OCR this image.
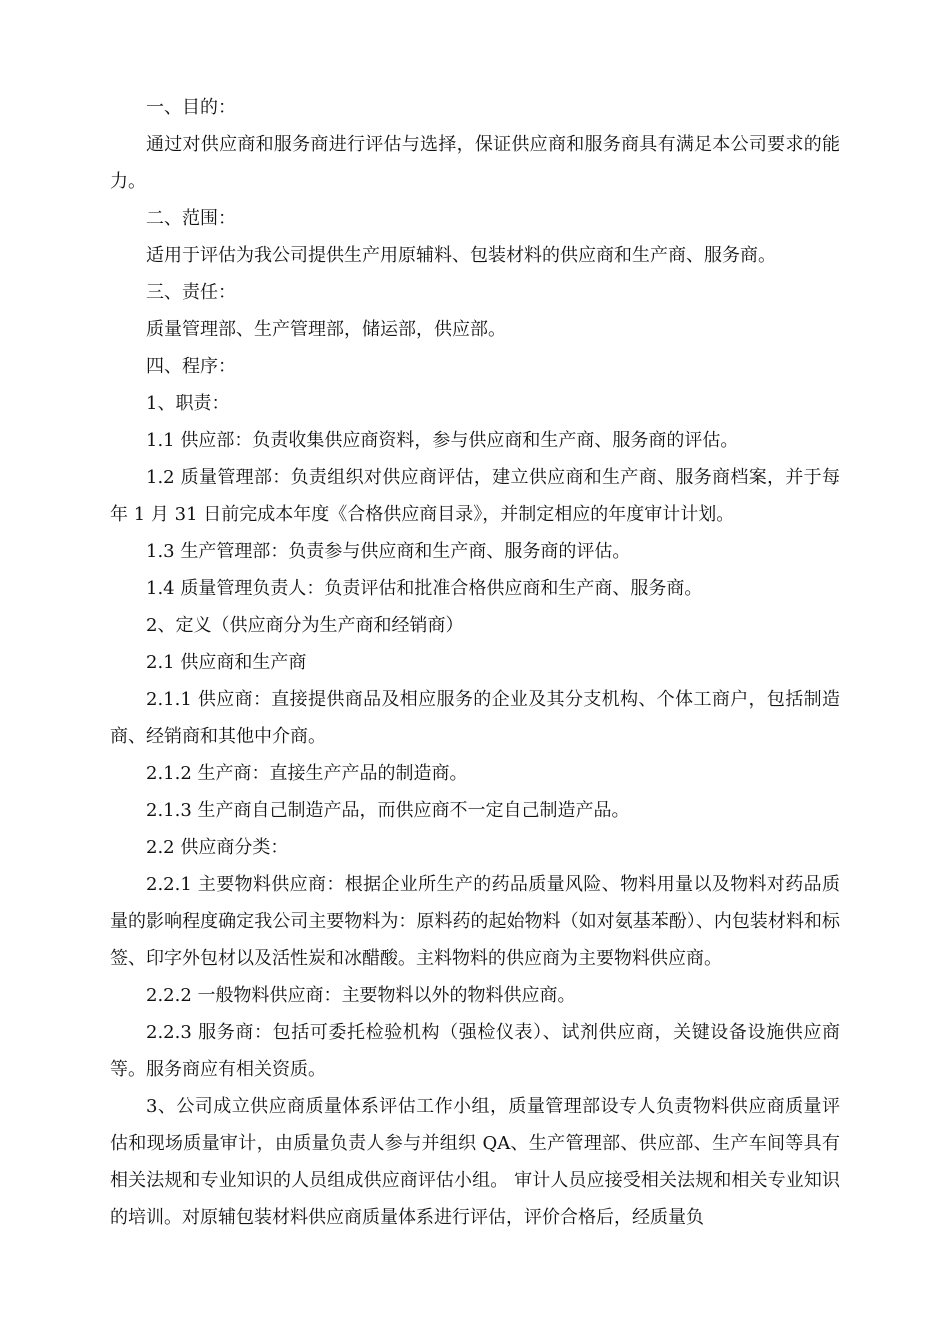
一、目的：

通过对供应商和服务商进行评估与选择，保证供应商和服务商具有满足本公司要求的能力。

二、范围：

适用于评估为我公司提供生产用原辅料、包装材料的供应商和生产商、服务商。

三、责任：

质量管理部、生产管理部，储运部，供应部。

四、程序：

1、职责：

1.1 供应部：负责收集供应商资料，参与供应商和生产商、服务商的评估。

1.2 质量管理部：负责组织对供应商评估，建立供应商和生产商、服务商档案，并于每年 1 月 31 日前完成本年度《合格供应商目录》，并制定相应的年度审计计划。

1.3 生产管理部：负责参与供应商和生产商、服务商的评估。

1.4 质量管理负责人：负责评估和批准合格供应商和生产商、服务商。

2、定义（供应商分为生产商和经销商）

2.1 供应商和生产商

2.1.1 供应商：直接提供商品及相应服务的企业及其分支机构、个体工商户，包括制造商、经销商和其他中介商。

2.1.2 生产商：直接生产产品的制造商。

2.1.3 生产商自己制造产品，而供应商不一定自己制造产品。

2.2 供应商分类：

2.2.1 主要物料供应商：根据企业所生产的药品质量风险、物料用量以及物料对药品质量的影响程度确定我公司主要物料为：原料药的起始物料（如对氨基苯酚）、内包装材料和标签、印字外包材以及活性炭和冰醋酸。主料物料的供应商为主要物料供应商。

2.2.2 一般物料供应商：主要物料以外的物料供应商。

2.2.3 服务商：包括可委托检验机构（强检仪表）、试剂供应商，关键设备设施供应商等。服务商应有相关资质。

3、公司成立供应商质量体系评估工作小组，质量管理部设专人负责物料供应商质量评估和现场质量审计，由质量负责人参与并组织 QA、生产管理部、供应部、生产车间等具有相关法规和专业知识的人员组成供应商评估小组。 审计人员应接受相关法规和相关专业知识的培训。对原辅包装材料供应商质量体系进行评估，评价合格后，经质量负
